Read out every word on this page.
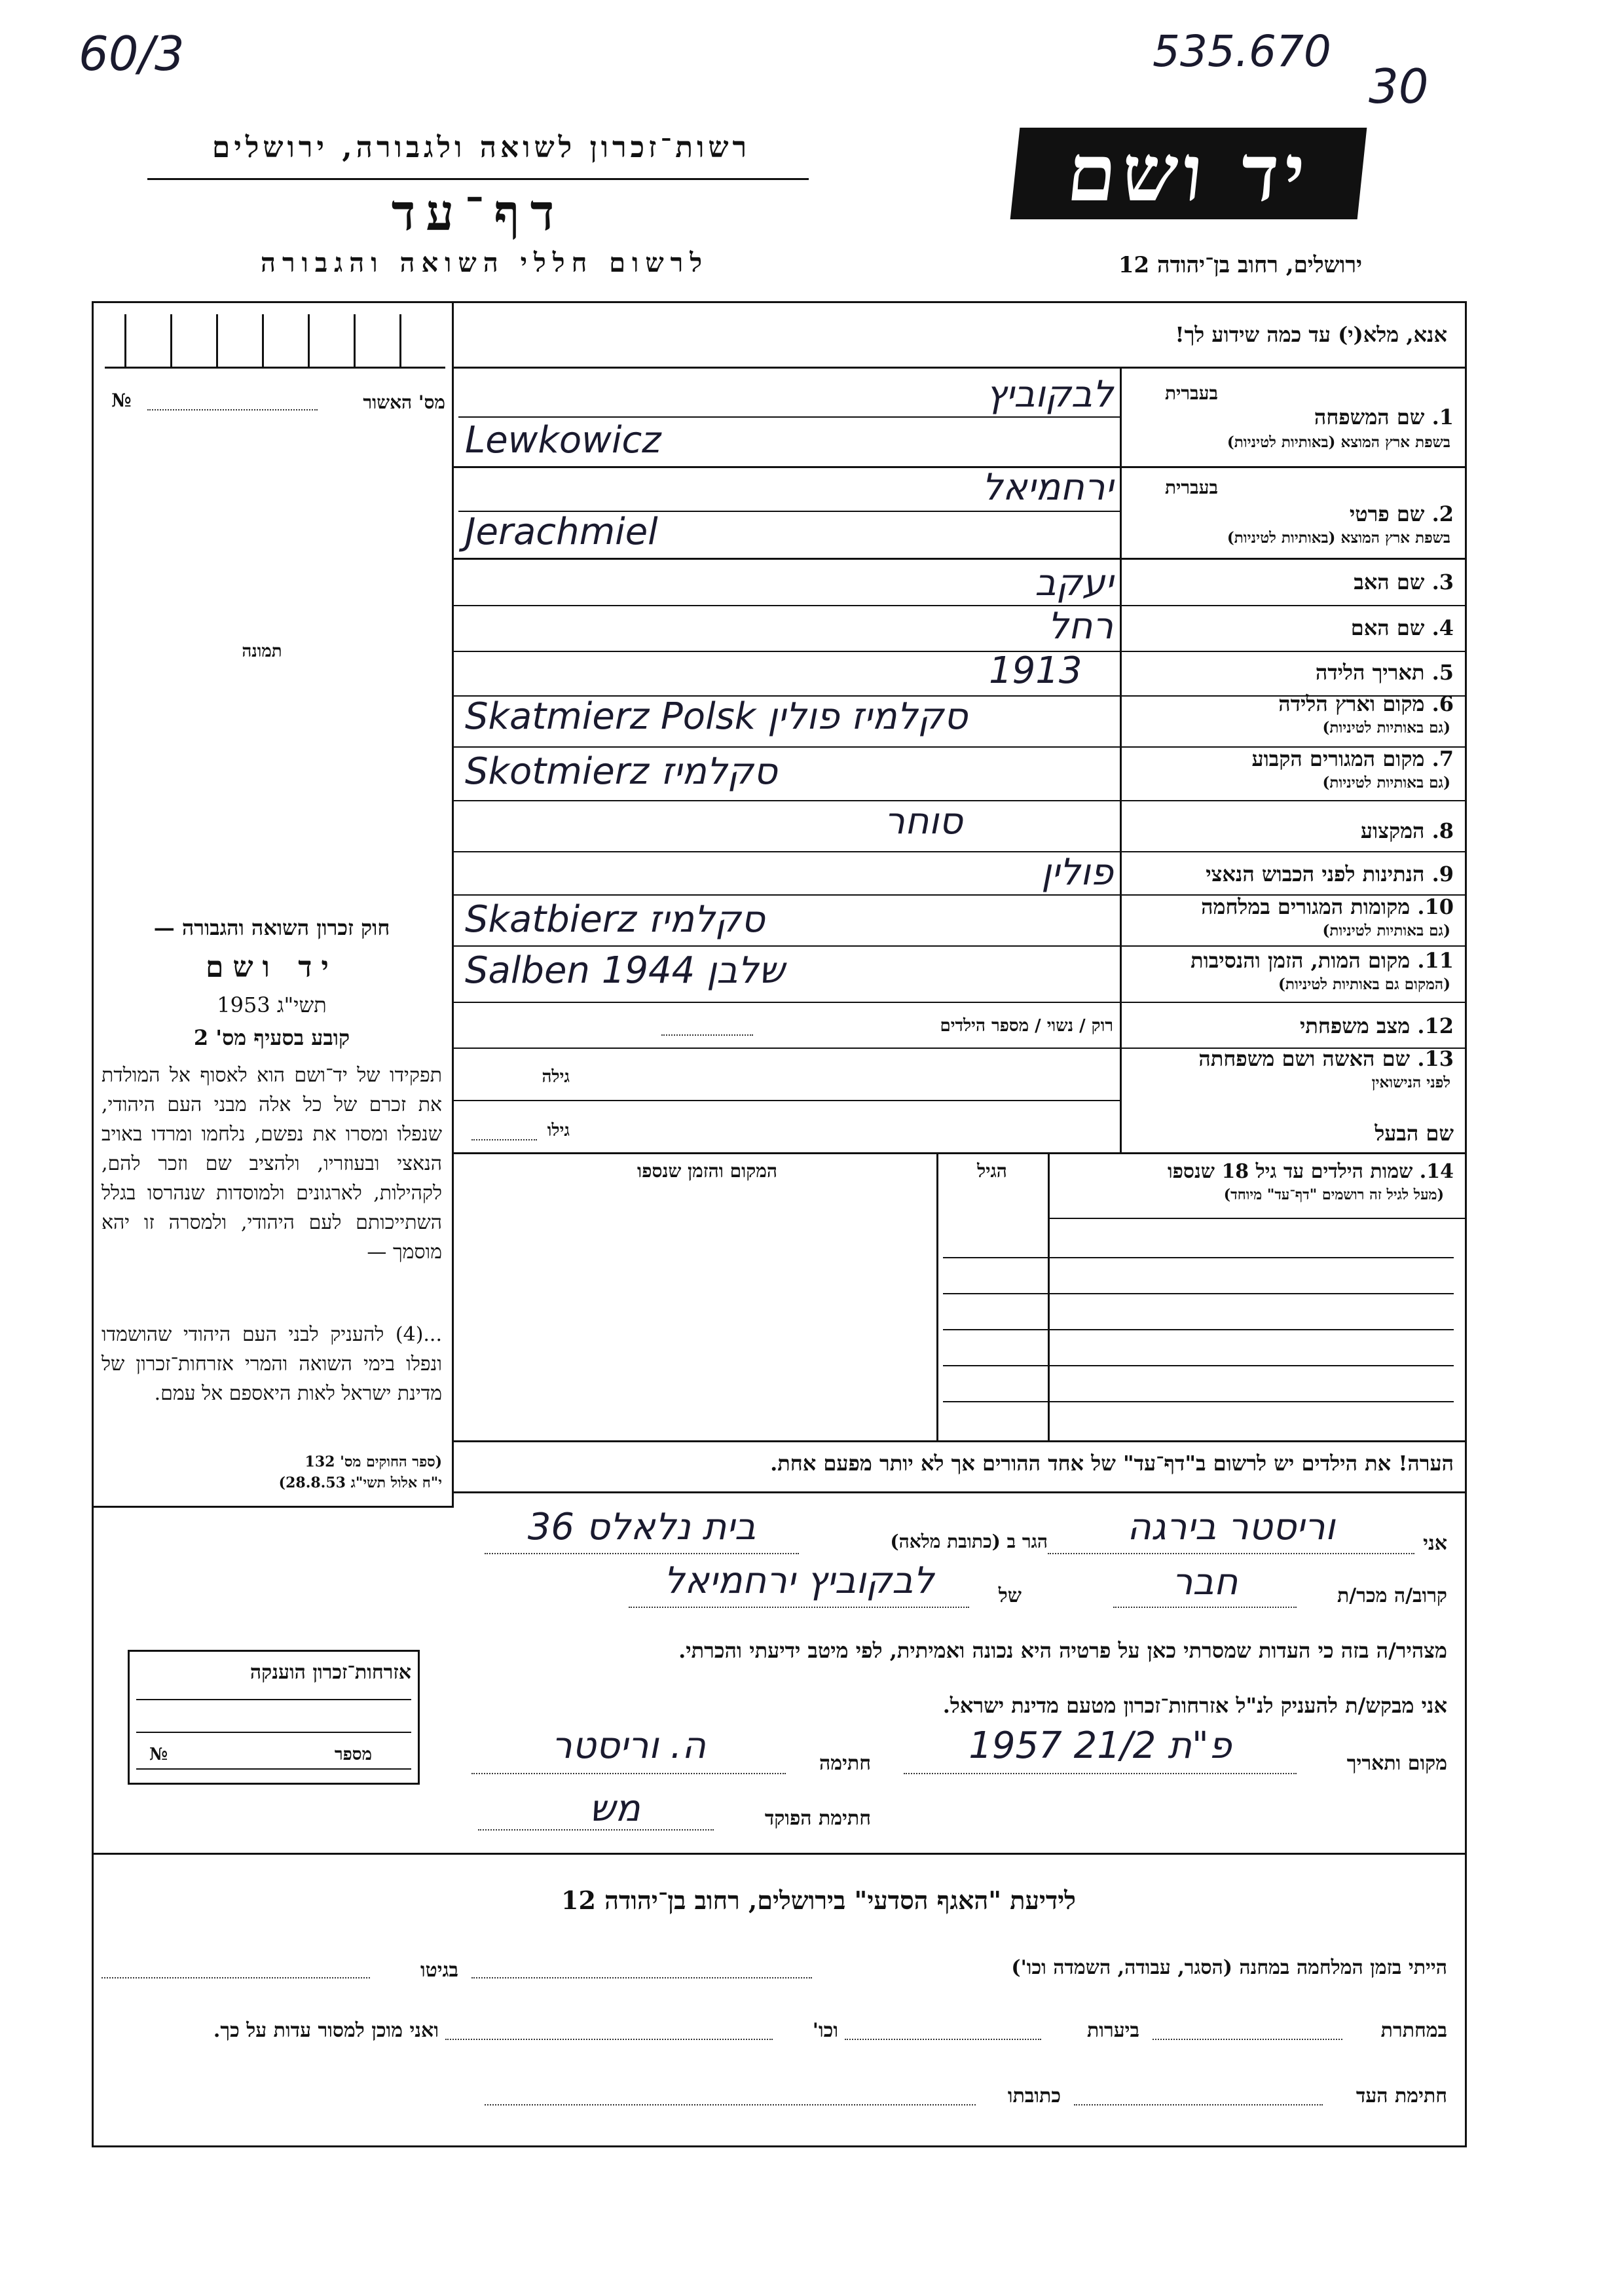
60/3	535.670
30
רשות־זכרון לשואה ולגבורה, ירושלים
דף־עד
לרשום חללי השואה והגבורה
יד ושם
ירושלים, רחוב בן־יהודה 12
מס' האשור
№
תמונה
אנא, מלא(י) עד כמה שידוע לך!
בעברית
1. שם המשפחה
בשפת ארץ המוצא (באותיות לטיניות)
לבקוביץ
Lewkowicz
בעברית
2. שם פרטי
בשפת ארץ המוצא (באותיות לטיניות)
ירחמיאל
Jerachmiel
3. שם האב
יעקב
4. שם האם
רחל
5. תאריך הלידה
1913
6. מקום וארץ הלידה
(גם באותיות לטיניות)
Skatmierz Polsk סקלמיז פולין
7. מקום המגורים הקבוע
(גם באותיות לטיניות)
Skotmierz סקלמיז
8. המקצוע
סוחר
9. הנתינות לפני הכבוש הנאצי
פולין
10. מקומות המגורים במלחמה
(גם באותיות לטיניות)
Skatbierz סקלמיז
11. מקום המות, הזמן והנסיבות
(המקום גם באותיות לטיניות)
Salben 1944 שלבן
12. מצב משפחתי
רוק / נשוי / מספר הילדים
13. שם האשה ושם משפחתה
לפני הנישואין
גילה
שם הבעל
גילו
14. שמות הילדים עד גיל 18 שנספו
(מעל לגיל זה רושמים "דף־עד" מיוחד)
הגיל
המקום והזמן שנספו
הערה! את הילדים יש לרשום ב"דף־עד" של אחד ההורים אך לא יותר מפעם אחת.
חוק זכרון השואה והגבורה —
יד ושם
תשי"ג 1953
קובע בסעיף מס' 2
תפקידו של יד־ושם הוא לאסוף אל המולדת את זכרם של כל אלה מבני העם היהודי, שנפלו ומסרו את נפשם, נלחמו ומרדו באויב הנאצי ובעוזריו, ולהציב שם וזכר להם, לקהילות, לארגונים ולמוסדות שנהרסו בגלל השתייכותם לעם היהודי, ולמסרה זו יהא מוסמך —
...(4) להעניק לבני העם היהודי שהושמדו ונפלו בימי השואה והמרי אזרחות־זכרון של מדינת ישראל לאות היאספם אל עמם.
(ספר החוקים מס' 132
י"ח אלול תשי"ג 28.8.53)
אני
וריסטר בירגה
הגר ב (כתובת מלאה)
בית נלאלס 36
קרוב/ה מכר/ת
חבר
של
לבקוביץ ירחמיאל
מצהיר/ה בזה כי העדות שמסרתי כאן על פרטיה היא נכונה ואמיתית, לפי מיטב ידיעתי והכרתי.
אני מבקש/ת להעניק לנ"ל אזרחות־זכרון מטעם מדינת ישראל.
מקום ותאריך
פ"ת 21/2 1957
חתימה
ה. וריסטר
חתימת הפוקד
מש
אזרחות־זכרון הוענקה
מספר
№
לידיעת "האגף הסדעי" בירושלים, רחוב בן־יהודה 12
הייתי בזמן המלחמה במחנה (הסגר, עבודה, השמדה וכו')
בגיטו
במחתרת
ביערות
וכו'
ואני מוכן למסור עדות על כך.
חתימת העד
כתובתו
